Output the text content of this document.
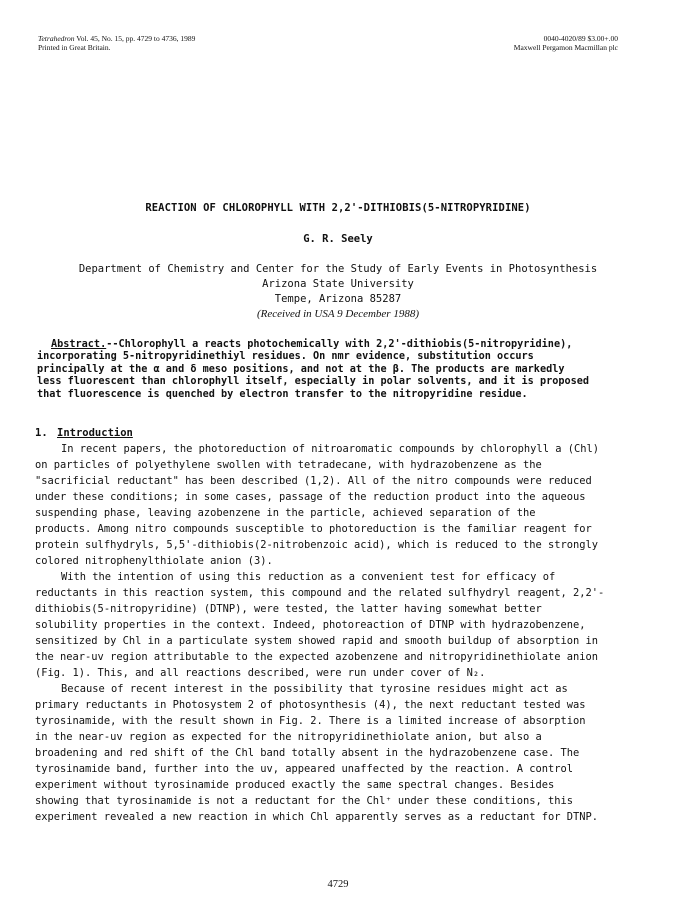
Tetrahedron Vol. 45, No. 15, pp. 4729 to 4736, 1989
Printed in Great Britain.
0040-4020/89 $3.00+.00
Maxwell Pergamon Macmillan plc
REACTION OF CHLOROPHYLL WITH 2,2'-DITHIOBIS(5-NITROPYRIDINE)
G. R. Seely
Department of Chemistry and Center for the Study of Early Events in Photosynthesis
Arizona State University
Tempe, Arizona 85287
(Received in USA 9 December 1988)
Abstract.--Chlorophyll a reacts photochemically with 2,2'-dithiobis(5-nitropyridine),
incorporating 5-nitropyridinethiyl residues. On nmr evidence, substitution occurs
principally at the α and δ meso positions, and not at the β. The products are markedly
less fluorescent than chlorophyll itself, especially in polar solvents, and it is proposed
that fluorescence is quenched by electron transfer to the nitropyridine residue.
1. Introduction
In recent papers, the photoreduction of nitroaromatic compounds by chlorophyll a (Chl)
on particles of polyethylene swollen with tetradecane, with hydrazobenzene as the
"sacrificial reductant" has been described (1,2). All of the nitro compounds were reduced
under these conditions; in some cases, passage of the reduction product into the aqueous
suspending phase, leaving azobenzene in the particle, achieved separation of the
products. Among nitro compounds susceptible to photoreduction is the familiar reagent for
protein sulfhydryls, 5,5'-dithiobis(2-nitrobenzoic acid), which is reduced to the strongly
colored nitrophenylthiolate anion (3).
With the intention of using this reduction as a convenient test for efficacy of
reductants in this reaction system, this compound and the related sulfhydryl reagent, 2,2'-
dithiobis(5-nitropyridine) (DTNP), were tested, the latter having somewhat better
solubility properties in the context. Indeed, photoreaction of DTNP with hydrazobenzene,
sensitized by Chl in a particulate system showed rapid and smooth buildup of absorption in
the near-uv region attributable to the expected azobenzene and nitropyridinethiolate anion
(Fig. 1). This, and all reactions described, were run under cover of N₂.
Because of recent interest in the possibility that tyrosine residues might act as
primary reductants in Photosystem 2 of photosynthesis (4), the next reductant tested was
tyrosinamide, with the result shown in Fig. 2. There is a limited increase of absorption
in the near-uv region as expected for the nitropyridinethiolate anion, but also a
broadening and red shift of the Chl band totally absent in the hydrazobenzene case. The
tyrosinamide band, further into the uv, appeared unaffected by the reaction. A control
experiment without tyrosinamide produced exactly the same spectral changes. Besides
showing that tyrosinamide is not a reductant for the Chl⁺ under these conditions, this
experiment revealed a new reaction in which Chl apparently serves as a reductant for DTNP.
4729
